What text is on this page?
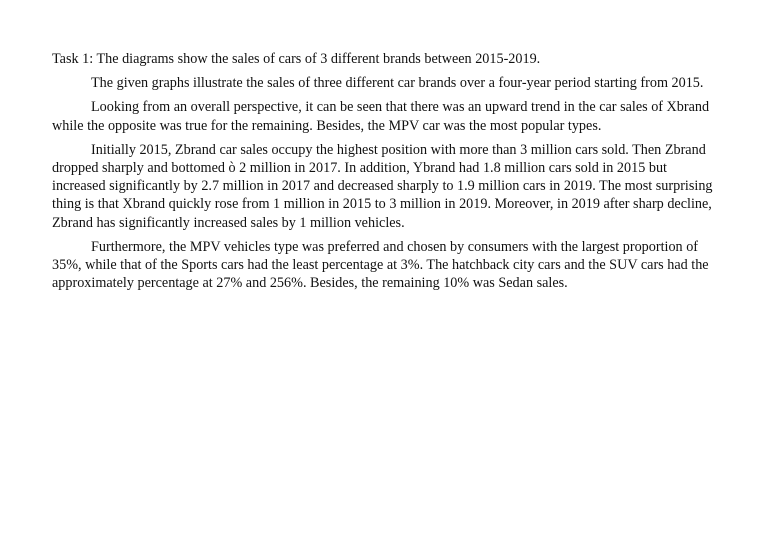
Task 1: The diagrams show the sales of cars of 3 different brands between 2015-2019.

The given graphs illustrate the sales of three different car brands over a four-year period starting from 2015.

Looking from an overall perspective, it can be seen that there was an upward trend in the car sales of Xbrand while the opposite was true for the remaining. Besides, the MPV car was the most popular types.

Initially 2015, Zbrand car sales occupy the highest position with more than 3 million cars sold. Then Zbrand dropped sharply and bottomed ò 2 million in 2017. In addition, Ybrand had 1.8 million cars sold in 2015 but increased significantly by 2.7 million in 2017 and decreased sharply to 1.9 million cars in 2019. The most surprising thing is that Xbrand quickly rose from 1 million in 2015 to 3 million in 2019. Moreover, in 2019 after sharp decline, Zbrand has significantly increased sales by 1 million vehicles.

Furthermore, the MPV vehicles type was preferred and chosen by consumers with the largest proportion of 35%, while that of the Sports cars had the least percentage at 3%. The hatchback city cars and the SUV cars had the approximately percentage at 27% and 256%. Besides, the remaining 10% was Sedan sales.
